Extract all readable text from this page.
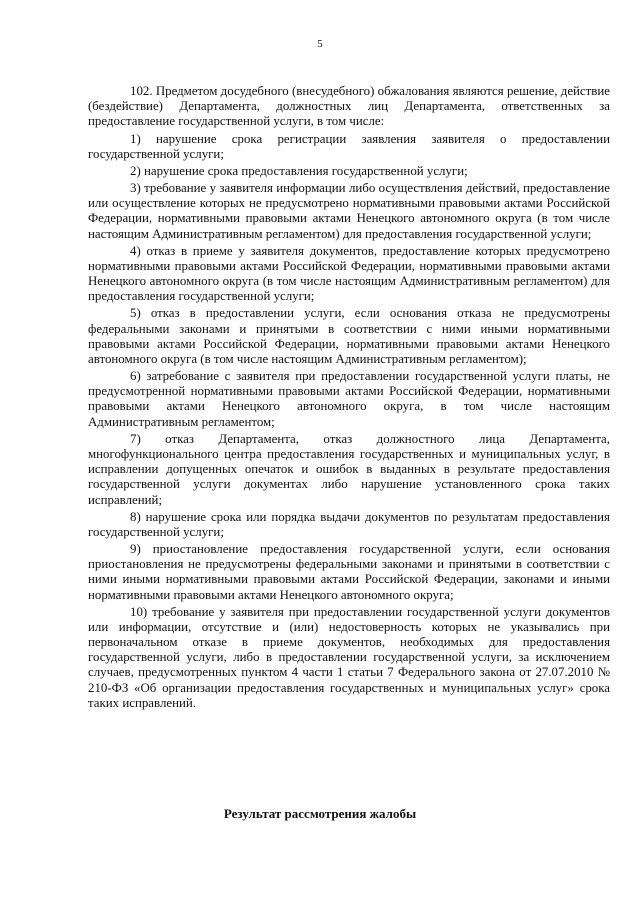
5

102. Предметом досудебного (внесудебного) обжалования являются решение, действие (бездействие) Департамента, должностных лиц Департамента, ответственных за предоставление государственной услуги, в том числе:

1) нарушение срока регистрации заявления заявителя о предоставлении государственной услуги;

2) нарушение срока предоставления государственной услуги;

3) требование у заявителя информации либо осуществления действий, предоставление или осуществление которых не предусмотрено нормативными правовыми актами Российской Федерации, нормативными правовыми актами Ненецкого автономного округа (в том числе настоящим Административным регламентом) для предоставления государственной услуги;

4) отказ в приеме у заявителя документов, предоставление которых предусмотрено нормативными правовыми актами Российской Федерации, нормативными правовыми актами Ненецкого автономного округа (в том числе настоящим Административным регламентом) для предоставления государственной услуги;

5) отказ в предоставлении услуги, если основания отказа не предусмотрены федеральными законами и принятыми в соответствии с ними иными нормативными правовыми актами Российской Федерации, нормативными правовыми актами Ненецкого автономного округа (в том числе настоящим Административным регламентом);

6) затребование с заявителя при предоставлении государственной услуги платы, не предусмотренной нормативными правовыми актами Российской Федерации, нормативными правовыми актами Ненецкого автономного округа, в том числе настоящим Административным регламентом;

7) отказ Департамента, отказ должностного лица Департамента, многофункционального центра предоставления государственных и муниципальных услуг, в исправлении допущенных опечаток и ошибок в выданных в результате предоставления государственной услуги документах либо нарушение установленного срока таких исправлений;

8) нарушение срока или порядка выдачи документов по результатам предоставления государственной услуги;

9) приостановление предоставления государственной услуги, если основания приостановления не предусмотрены федеральными законами и принятыми в соответствии с ними иными нормативными правовыми актами Российской Федерации, законами и иными нормативными правовыми актами Ненецкого автономного округа;

10) требование у заявителя при предоставлении государственной услуги документов или информации, отсутствие и (или) недостоверность которых не указывались при первоначальном отказе в приеме документов, необходимых для предоставления государственной услуги, либо в предоставлении государственной услуги, за исключением случаев, предусмотренных пунктом 4 части 1 статьи 7 Федерального закона от 27.07.2010 № 210-ФЗ «Об организации предоставления государственных и муниципальных услуг» срока таких исправлений.

Результат рассмотрения жалобы
